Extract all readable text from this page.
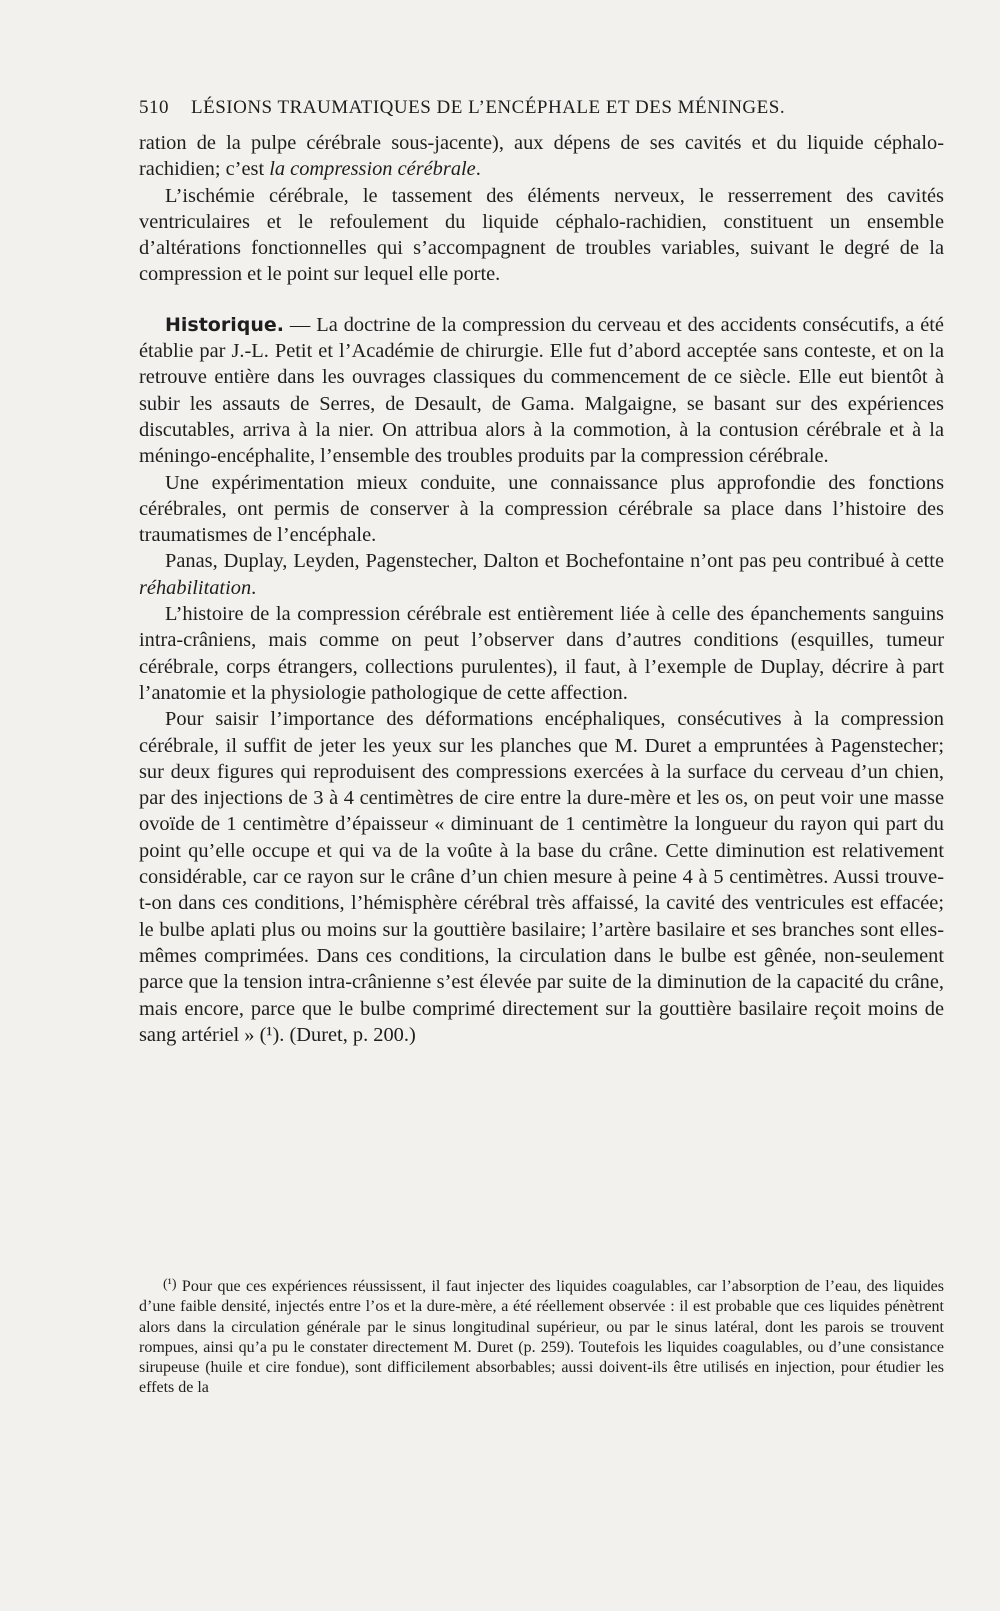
510 LÉSIONS TRAUMATIQUES DE L’ENCÉPHALE ET DES MÉNINGES.

ration de la pulpe cérébrale sous-jacente), aux dépens de ses cavités et du liquide céphalo-rachidien; c’est la compression cérébrale.

L’ischémie cérébrale, le tassement des éléments nerveux, le resserrement des cavités ventriculaires et le refoulement du liquide céphalo-rachidien, constituent un ensemble d’altérations fonctionnelles qui s’accompagnent de troubles variables, suivant le degré de la compression et le point sur lequel elle porte.

Historique. — La doctrine de la compression du cerveau et des accidents consécutifs, a été établie par J.-L. Petit et l’Académie de chirurgie. Elle fut d’abord acceptée sans conteste, et on la retrouve entière dans les ouvrages classiques du commencement de ce siècle. Elle eut bientôt à subir les assauts de Serres, de Desault, de Gama. Malgaigne, se basant sur des expériences discutables, arriva à la nier. On attribua alors à la commotion, à la contusion cérébrale et à la méningo-encéphalite, l’ensemble des troubles produits par la compression cérébrale.

Une expérimentation mieux conduite, une connaissance plus approfondie des fonctions cérébrales, ont permis de conserver à la compression cérébrale sa place dans l’histoire des traumatismes de l’encéphale.

Panas, Duplay, Leyden, Pagenstecher, Dalton et Bochefontaine n’ont pas peu contribué à cette réhabilitation.

L’histoire de la compression cérébrale est entièrement liée à celle des épanchements sanguins intra-crâniens, mais comme on peut l’observer dans d’autres conditions (esquilles, tumeur cérébrale, corps étrangers, collections purulentes), il faut, à l’exemple de Duplay, décrire à part l’anatomie et la physiologie pathologique de cette affection.

Pour saisir l’importance des déformations encéphaliques, consécutives à la compression cérébrale, il suffit de jeter les yeux sur les planches que M. Duret a empruntées à Pagenstecher; sur deux figures qui reproduisent des compressions exercées à la surface du cerveau d’un chien, par des injections de 3 à 4 centimètres de cire entre la dure-mère et les os, on peut voir une masse ovoïde de 1 centimètre d’épaisseur « diminuant de 1 centimètre la longueur du rayon qui part du point qu’elle occupe et qui va de la voûte à la base du crâne. Cette diminution est relativement considérable, car ce rayon sur le crâne d’un chien mesure à peine 4 à 5 centimètres. Aussi trouve-t-on dans ces conditions, l’hémisphère cérébral très affaissé, la cavité des ventricules est effacée; le bulbe aplati plus ou moins sur la gouttière basilaire; l’artère basilaire et ses branches sont elles-mêmes comprimées. Dans ces conditions, la circulation dans le bulbe est gênée, non-seulement parce que la tension intra-crânienne s’est élevée par suite de la diminution de la capacité du crâne, mais encore, parce que le bulbe comprimé directement sur la gouttière basilaire reçoit moins de sang artériel » (¹). (Duret, p. 200.)

(¹) Pour que ces expériences réussissent, il faut injecter des liquides coagulables, car l’absorption de l’eau, des liquides d’une faible densité, injectés entre l’os et la dure-mère, a été réellement observée : il est probable que ces liquides pénètrent alors dans la circulation générale par le sinus longitudinal supérieur, ou par le sinus latéral, dont les parois se trouvent rompues, ainsi qu’a pu le constater directement M. Duret (p. 259). Toutefois les liquides coagulables, ou d’une consistance sirupeuse (huile et cire fondue), sont difficilement absorbables; aussi doivent-ils être utilisés en injection, pour étudier les effets de la
